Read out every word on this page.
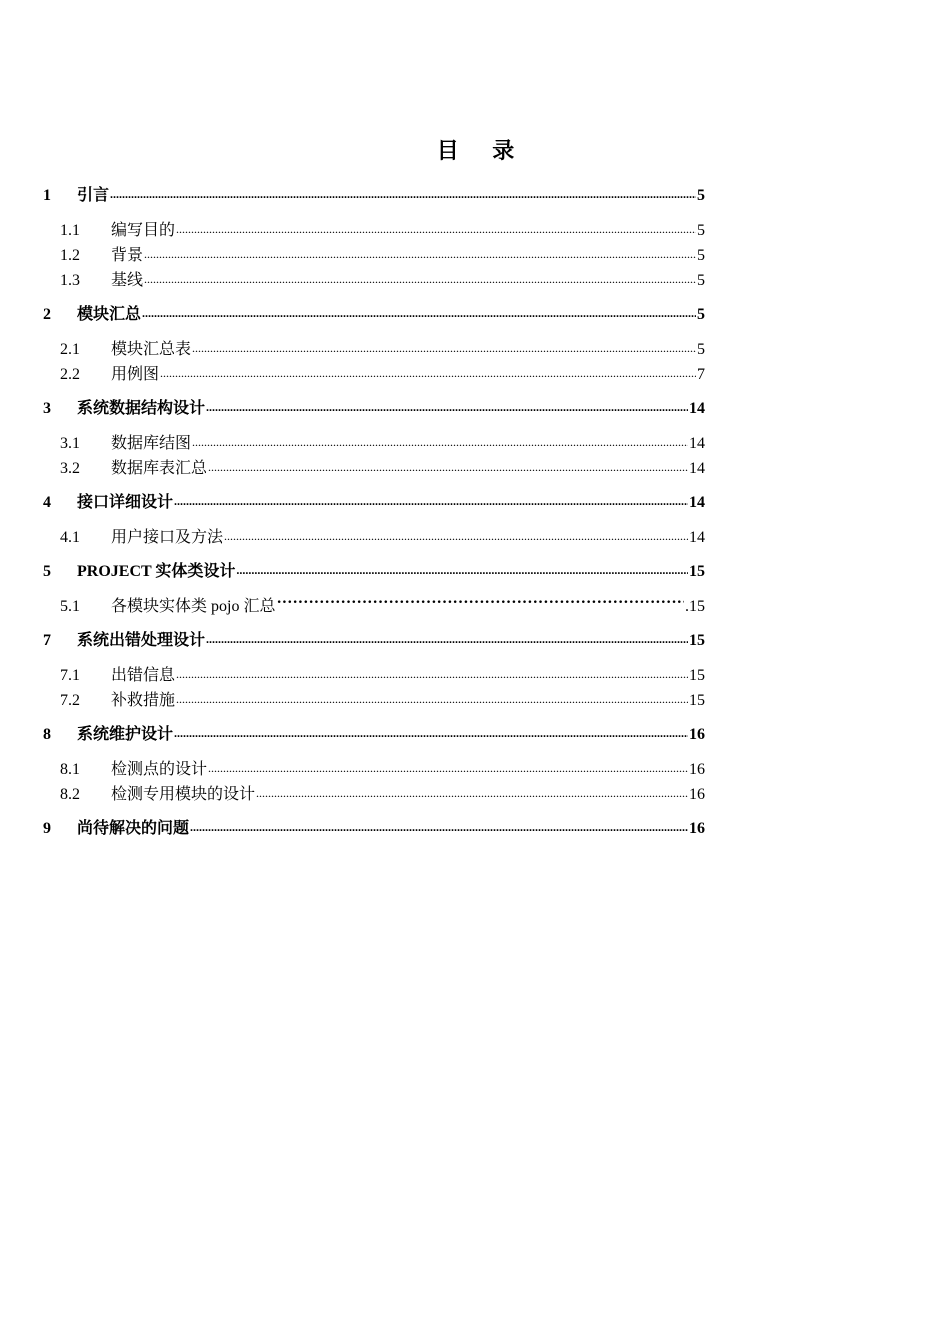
目 录
1	引言 .....	5
1.1	编写目的 .....	5
1.2	背景 .....	5
1.3	基线 .....	5
2	模块汇总 .....	5
2.1	模块汇总表 .....	5
2.2	用例图 .....	7
3	系统数据结构设计 .....	14
3.1	数据库结图 .....	14
3.2	数据库表汇总 .....	14
4	接口详细设计 .....	14
4.1	用户接口及方法 .....	14
5	PROJECT 实体类设计 .....	15
5.1	各模块实体类 pojo 汇总 ·····	.15
7	系统出错处理设计 .....	15
7.1	出错信息 .....	15
7.2	补救措施 .....	15
8	系统维护设计 .....	16
8.1	检测点的设计 .....	16
8.2	检测专用模块的设计 .....	16
9	尚待解决的问题 .....	16
